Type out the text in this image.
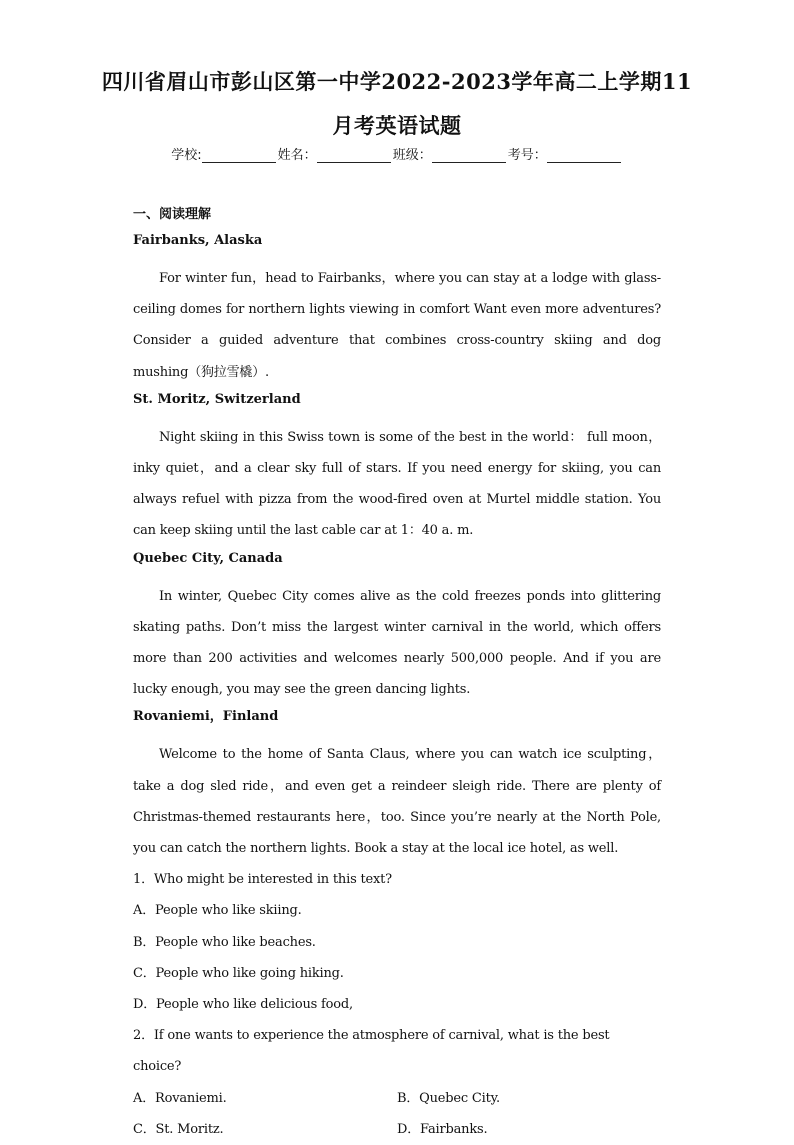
四川省眉山市彭山区第一中学2022-2023学年高二上学期11
月考英语试题
学校:	姓名：	班级：	考号：
一、阅读理解
Fairbanks, Alaska

For winter fun，head to Fairbanks，where you can stay at a lodge with glass-ceiling domes for northern lights viewing in comfort Want even more adventures? Consider a guided adventure that combines cross-country skiing and dog mushing（狗拉雪橇）.

St. Moritz, Switzerland

Night skiing in this Swiss town is some of the best in the world： full moon，inky quiet，and a clear sky full of stars. If you need energy for skiing, you can always refuel with pizza from the wood-fired oven at Murtel middle station. You can keep skiing until the last cable car at 1：40 a. m.

Quebec City, Canada

In winter, Quebec City comes alive as the cold freezes ponds into glittering skating paths. Don’t miss the largest winter carnival in the world, which offers more than 200 activities and welcomes nearly 500,000 people. And if you are lucky enough, you may see the green dancing lights.

Rovaniemi，Finland

Welcome to the home of Santa Claus, where you can watch ice sculpting，take a dog sled ride，and even get a reindeer sleigh ride. There are plenty of Christmas-themed restaurants here，too. Since you’re nearly at the North Pole, you can catch the northern lights. Book a stay at the local ice hotel, as well.

1．Who might be interested in this text?

A．People who like skiing.

B．People who like beaches.

C．People who like going hiking.

D．People who like delicious food,

2．If one wants to experience the atmosphere of carnival, what is the best choice?

A．Rovaniemi.	B．Quebec City.
C．St. Moritz.	D．Fairbanks.
